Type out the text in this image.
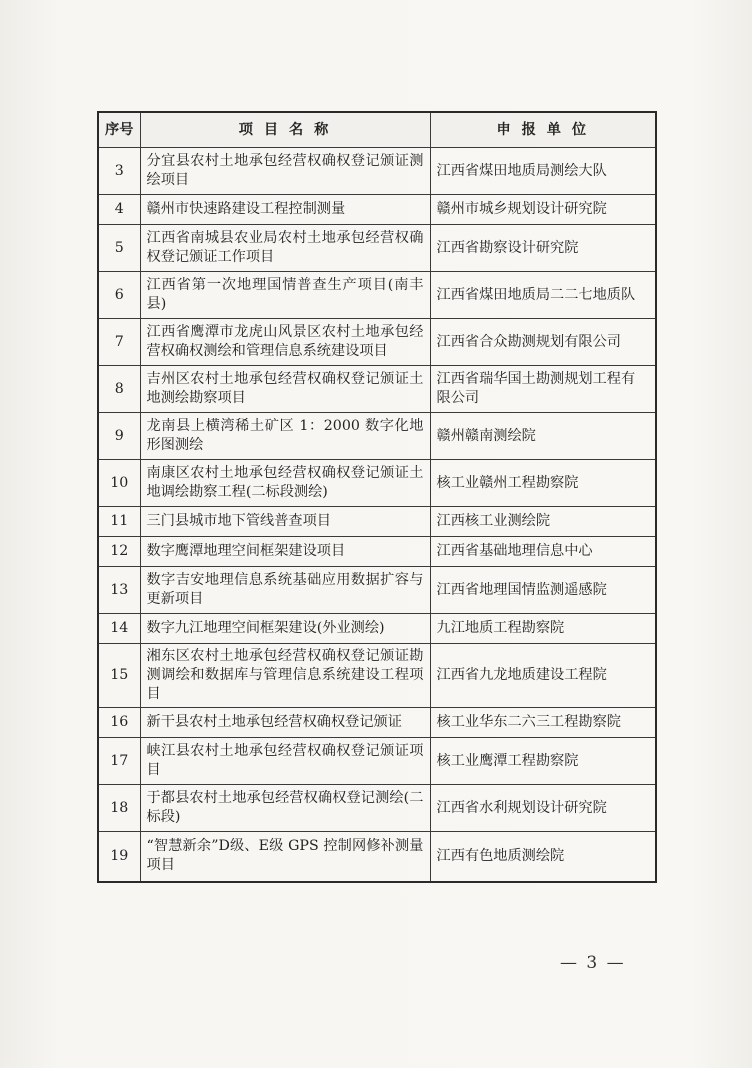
序号	项 目 名 称	申 报 单 位
3	分宜县农村土地承包经营权确权登记颁证测绘项目	江西省煤田地质局测绘大队
4	赣州市快速路建设工程控制测量	赣州市城乡规划设计研究院
5	江西省南城县农业局农村土地承包经营权确权登记颁证工作项目	江西省勘察设计研究院
6	江西省第一次地理国情普查生产项目(南丰县)	江西省煤田地质局二二七地质队
7	江西省鹰潭市龙虎山风景区农村土地承包经营权确权测绘和管理信息系统建设项目	江西省合众勘测规划有限公司
8	吉州区农村土地承包经营权确权登记颁证土地测绘勘察项目	江西省瑞华国土勘测规划工程有限公司
9	龙南县上横湾稀土矿区 1：2000 数字化地形图测绘	赣州赣南测绘院
10	南康区农村土地承包经营权确权登记颁证土地调绘勘察工程(二标段测绘)	核工业赣州工程勘察院
11	三门县城市地下管线普查项目	江西核工业测绘院
12	数字鹰潭地理空间框架建设项目	江西省基础地理信息中心
13	数字吉安地理信息系统基础应用数据扩容与更新项目	江西省地理国情监测遥感院
14	数字九江地理空间框架建设(外业测绘)	九江地质工程勘察院
15	湘东区农村土地承包经营权确权登记颁证勘测调绘和数据库与管理信息系统建设工程项目	江西省九龙地质建设工程院
16	新干县农村土地承包经营权确权登记颁证	核工业华东二六三工程勘察院
17	峡江县农村土地承包经营权确权登记颁证项目	核工业鹰潭工程勘察院
18	于都县农村土地承包经营权确权登记测绘(二标段)	江西省水利规划设计研究院
19	“智慧新余”D级、E级 GPS 控制网修补测量项目	江西有色地质测绘院
— 3 —
